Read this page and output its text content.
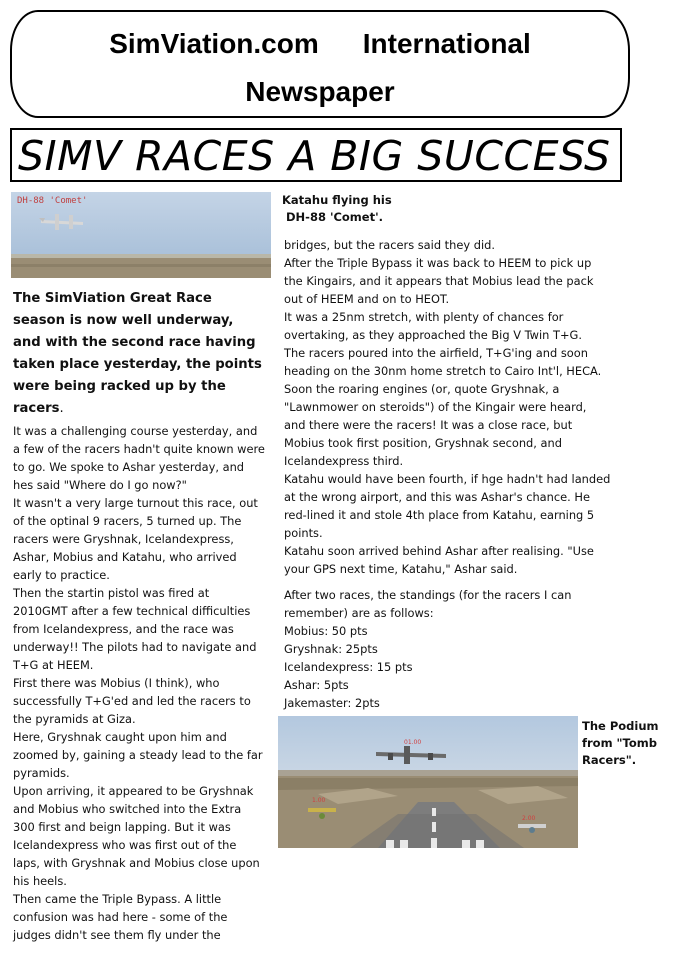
SimViation.com International
Newspaper
SIMV RACES A BIG SUCCESS
DH-88 'Comet'	Katahu flying his
DH-88 'Comet'.
The SimViation Great Race
season is now well underway,
and with the second race having
taken place yesterday, the points
were being racked up by the
racers.

It was a challenging course yesterday, and

a few of the racers hadn't quite known were

to go. We spoke to Ashar yesterday, and

hes said "Where do I go now?"

It wasn't a very large turnout this race, out

of the optinal 9 racers, 5 turned up. The

racers were Gryshnak, Icelandexpress,

Ashar, Mobius and Katahu, who arrived

early to practice.

Then the startin pistol was fired at

2010GMT after a few technical difficulties

from Icelandexpress, and the race was

underway!! The pilots had to navigate and

T+G at HEEM.

First there was Mobius (I think), who

successfully T+G'ed and led the racers to

the pyramids at Giza.

Here, Gryshnak caught upon him and

zoomed by, gaining a steady lead to the far

pyramids.

Upon arriving, it appeared to be Gryshnak

and Mobius who switched into the Extra

300 first and beign lapping. But it was

Icelandexpress who was first out of the

laps, with Gryshnak and Mobius close upon

his heels.

Then came the Triple Bypass. A little

confusion was had here - some of the

judges didn't see them fly under the

bridges, but the racers said they did.

After the Triple Bypass it was back to HEEM to pick up

the Kingairs, and it appears that Mobius lead the pack

out of HEEM and on to HEOT.

It was a 25nm stretch, with plenty of chances for

overtaking, as they approached the Big V Twin T+G.

The racers poured into the airfield, T+G'ing and soon

heading on the 30nm home stretch to Cairo Int'l, HECA.

Soon the roaring engines (or, quote Gryshnak, a

"Lawnmower on steroids") of the Kingair were heard,

and there were the racers! It was a close race, but

Mobius took first position, Gryshnak second, and

Icelandexpress third.

Katahu would have been fourth, if hge hadn't had landed

at the wrong airport, and this was Ashar's chance. He

red-lined it and stole 4th place from Katahu, earning 5

points.

Katahu soon arrived behind Ashar after realising. "Use

your GPS next time, Katahu," Ashar said.

After two races, the standings (for the racers I can

remember) are as follows:

Mobius: 50 pts

Gryshnak: 25pts

Icelandexpress: 15 pts

Ashar: 5pts

Jakemaster: 2pts

01.00
1.00
2.00
The Podium
from "Tomb
Racers".
